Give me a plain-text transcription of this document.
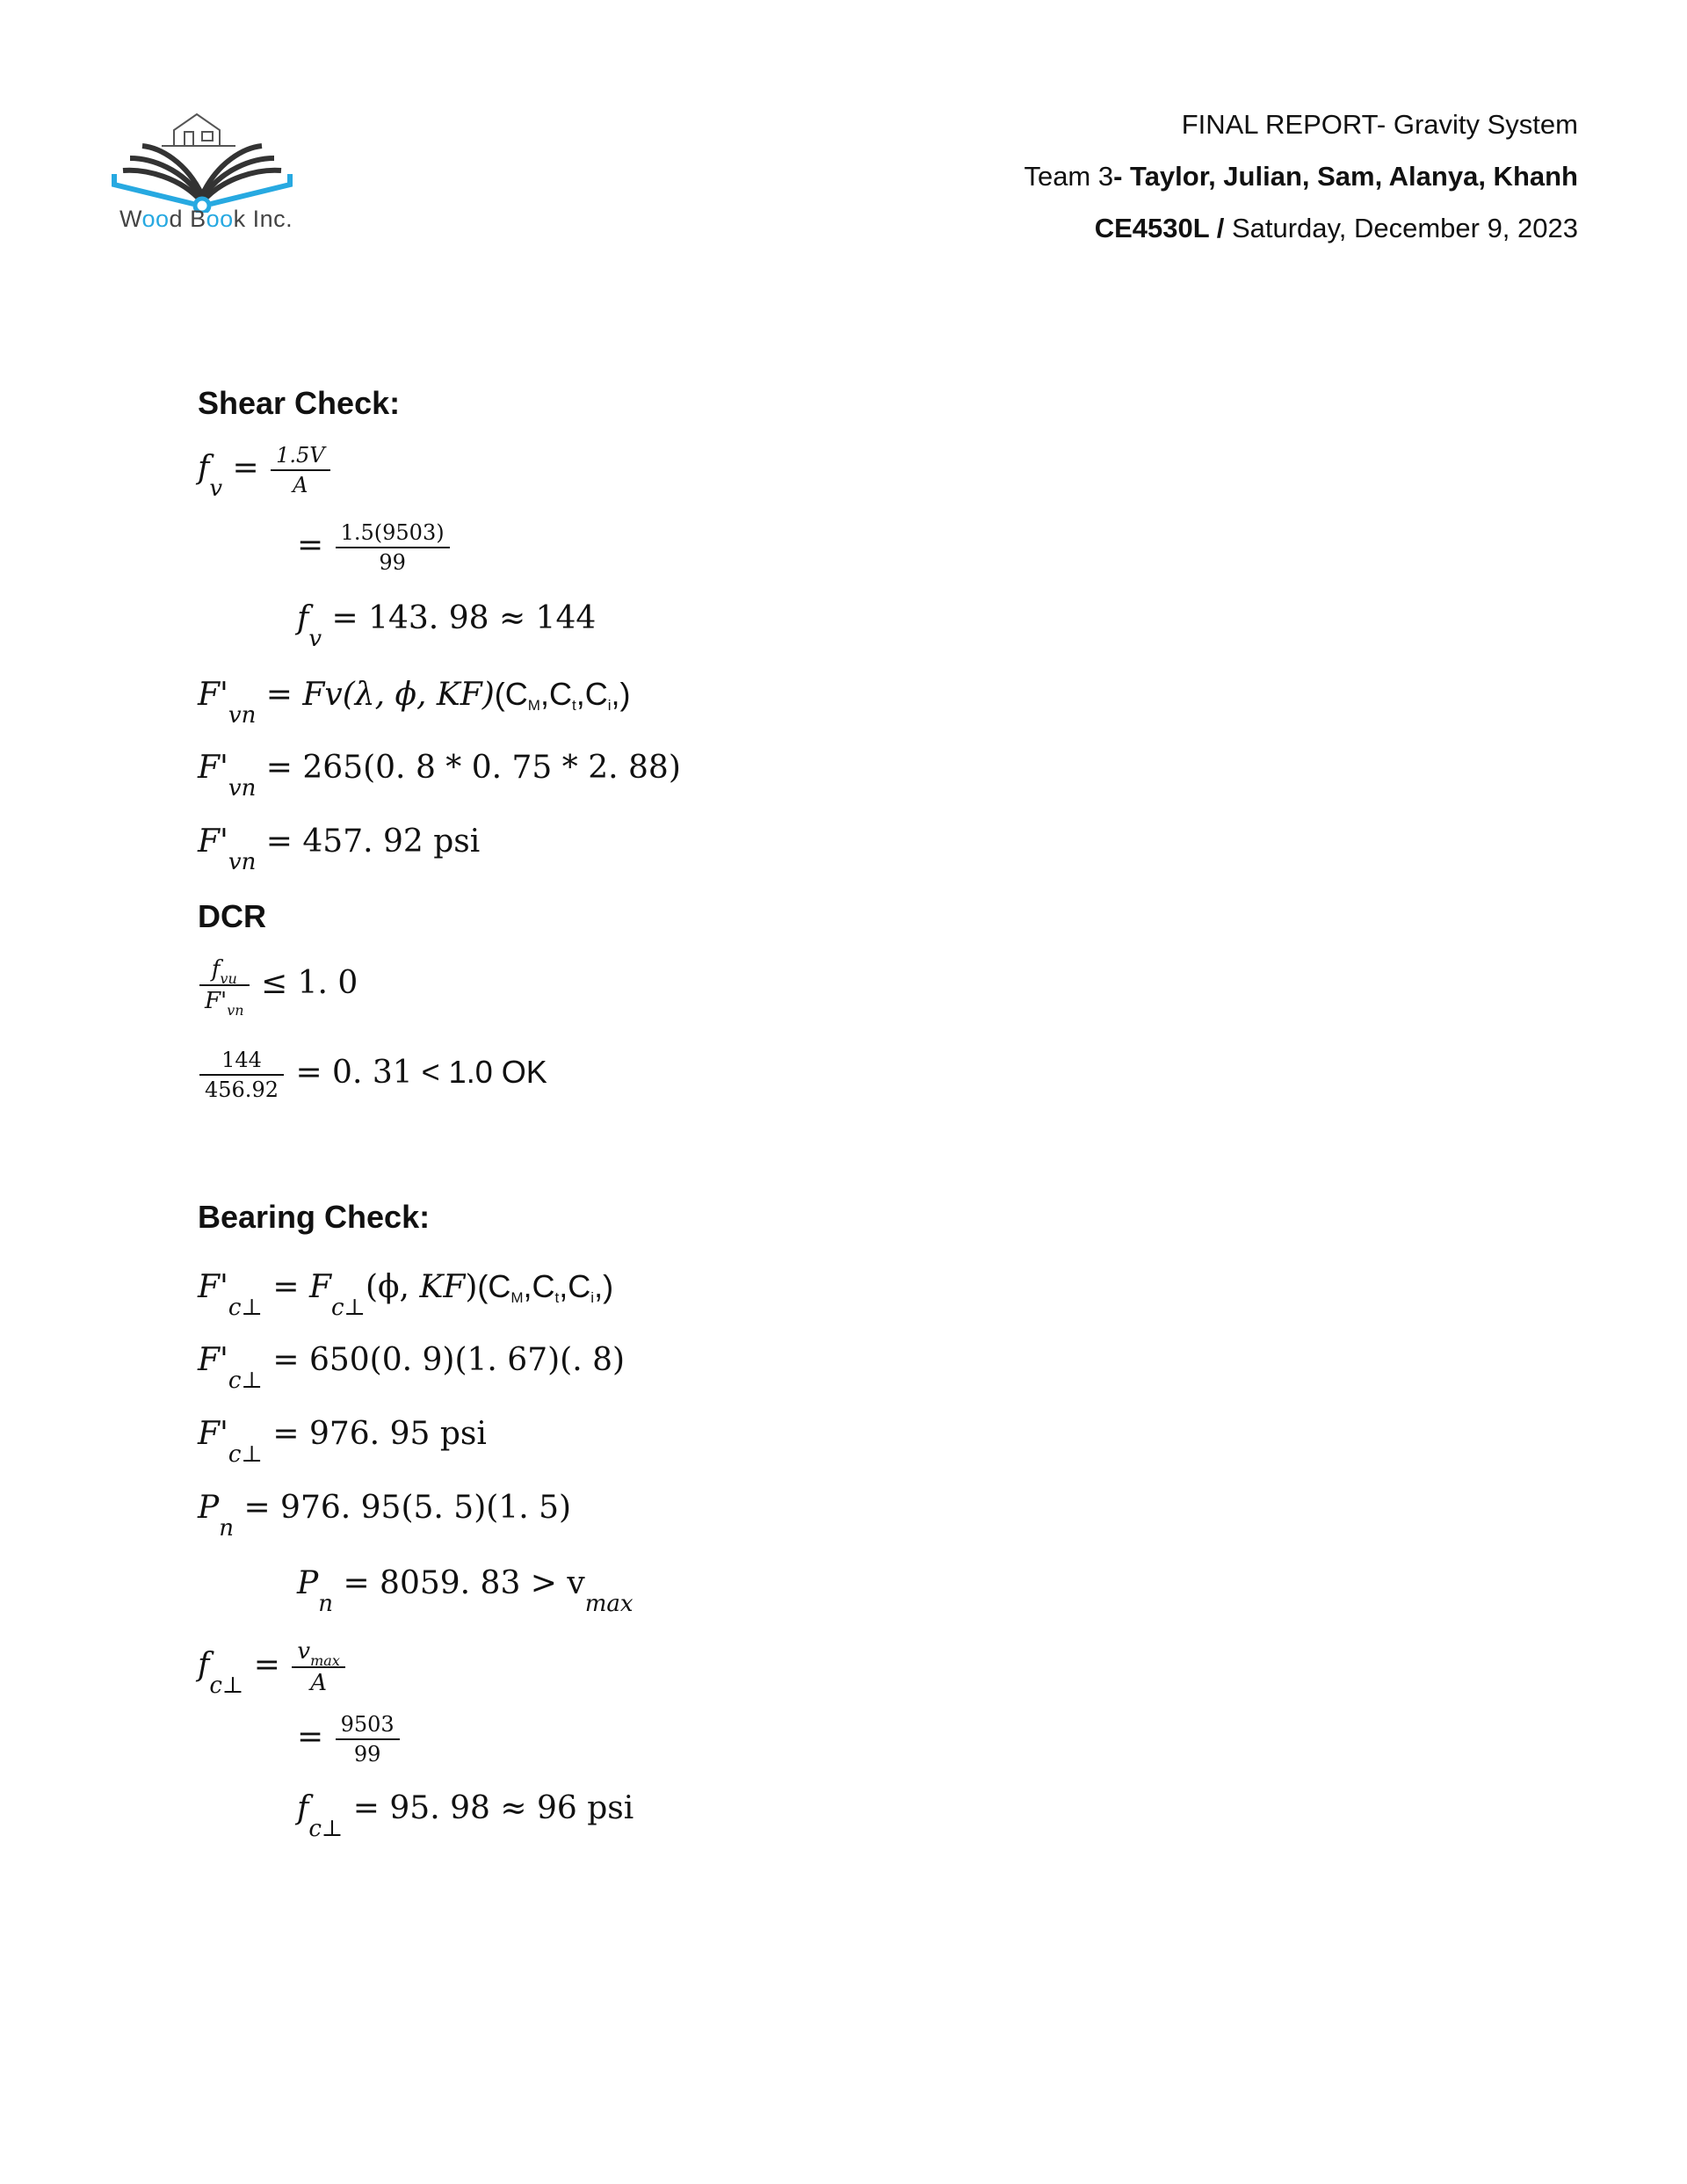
Wood Book Inc.
FINAL REPORT- Gravity System
Team 3- Taylor, Julian, Sam, Alanya, Khanh
CE4530L / Saturday, December 9, 2023
Shear Check:
$f_v = \frac{1.5V}{A}$
= $\frac{1.5(9503)}{99}$
$f_v = 143$. 98 ≈ 144
$F'_{vn} = Fv(\lambda$, ϕ, KF)(CM,Ct,Ci,)
$F'_{vn} = 265(0$. 8 * 0. 75 * 2. 88)
$F'_{vn} = 457$. 92 psi
DCR
$\frac{f_{vu}}{F'_{vn}} \le 1$. 0
$\frac{144}{456.92} = 0$. 31 < 1.0 OK
Bearing Check:
$F'_{c\perp} = F_{c\perp}(\phi$, KF)(CM,Ct,Ci,)
$F'_{c\perp} = 650(0$. 9)(1. 67)(. 8)
$F'_{c\perp} = 976$. 95 psi
$P_n = 976$. 95(5. 5)(1. 5)
$P_n = 8059$. $83 > v_{max}$
$f_{c\perp} = \frac{v_{max}}{A}$
= $\frac{9503}{99}$
$f_{c\perp} = 95$. 98 ≈ 96 psi
